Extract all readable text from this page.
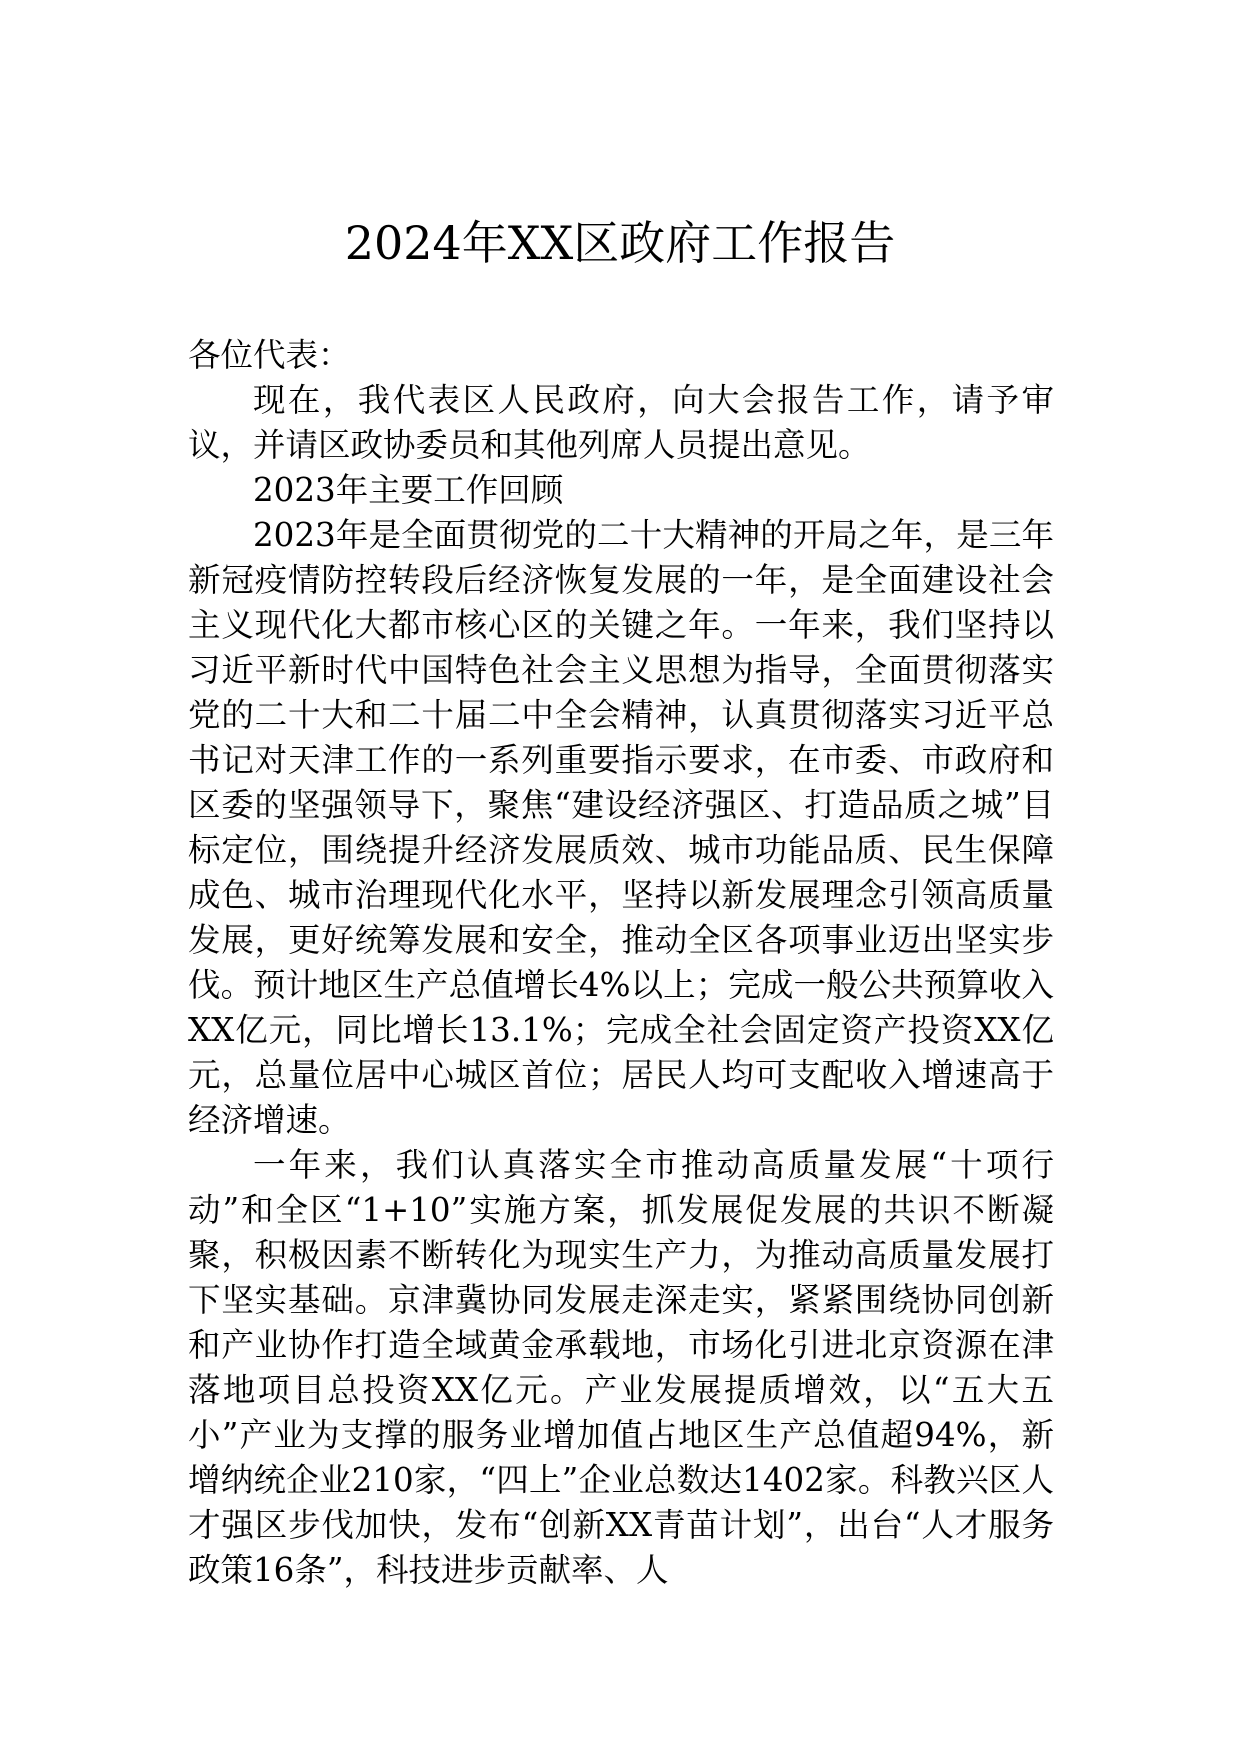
2024年XX区政府工作报告

各位代表：

现在，我代表区人民政府，向大会报告工作，请予审议，并请区政协委员和其他列席人员提出意见。

2023年主要工作回顾

2023年是全面贯彻党的二十大精神的开局之年，是三年新冠疫情防控转段后经济恢复发展的一年，是全面建设社会主义现代化大都市核心区的关键之年。一年来，我们坚持以习近平新时代中国特色社会主义思想为指导，全面贯彻落实党的二十大和二十届二中全会精神，认真贯彻落实习近平总书记对天津工作的一系列重要指示要求，在市委、市政府和区委的坚强领导下，聚焦“建设经济强区、打造品质之城”目标定位，围绕提升经济发展质效、城市功能品质、民生保障成色、城市治理现代化水平，坚持以新发展理念引领高质量发展，更好统筹发展和安全，推动全区各项事业迈出坚实步伐。预计地区生产总值增长4%以上；完成一般公共预算收入XX亿元，同比增长13.1%；完成全社会固定资产投资XX亿元，总量位居中心城区首位；居民人均可支配收入增速高于经济增速。

一年来，我们认真落实全市推动高质量发展“十项行动”和全区“1+10”实施方案，抓发展促发展的共识不断凝聚，积极因素不断转化为现实生产力，为推动高质量发展打下坚实基础。京津冀协同发展走深走实，紧紧围绕协同创新和产业协作打造全域黄金承载地，市场化引进北京资源在津落地项目总投资XX亿元。产业发展提质增效，以“五大五小”产业为支撑的服务业增加值占地区生产总值超94%，新增纳统企业210家，“四上”企业总数达1402家。科教兴区人才强区步伐加快，发布“创新XX青苗计划”，出台“人才服务政策16条”，科技进步贡献率、人
